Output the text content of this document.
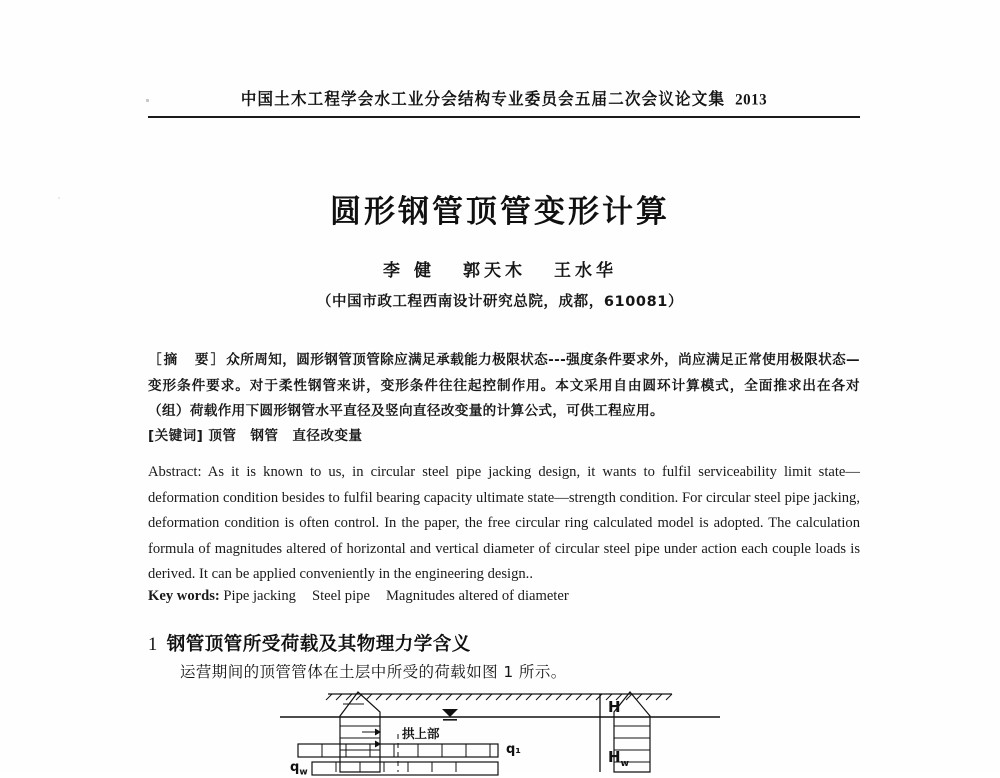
中国土木工程学会水工业分会结构专业委员会五届二次会议论文集 2013
圆形钢管顶管变形计算
李 健 郭天木 王水华
（中国市政工程西南设计研究总院，成都，610081）
［摘　要］众所周知，圆形钢管顶管除应满足承载能力极限状态---强度条件要求外，尚应满足正常使用极限状态—变形条件要求。对于柔性钢管来讲，变形条件往往起控制作用。本文采用自由圆环计算模式，全面推求出在各对（组）荷载作用下圆形钢管水平直径及竖向直径改变量的计算公式，可供工程应用。
[关键词] 顶管 钢管 直径改变量
Abstract: As it is known to us, in circular steel pipe jacking design, it wants to fulfil serviceability limit state—deformation condition besides to fulfil bearing capacity ultimate state—strength condition. For circular steel pipe jacking, deformation condition is often control. In the paper, the free circular ring calculated model is adopted. The calculation formula of magnitudes altered of horizontal and vertical diameter of circular steel pipe under action each couple loads is derived. It can be applied conveniently in the engineering design..
Key words: Pipe jacking Steel pipe Magnitudes altered of diameter
1 钢管顶管所受荷载及其物理力学含义
运营期间的顶管管体在土层中所受的荷载如图 1 所示。
拱上部
q₁
$q_w$
H
$H_w$
